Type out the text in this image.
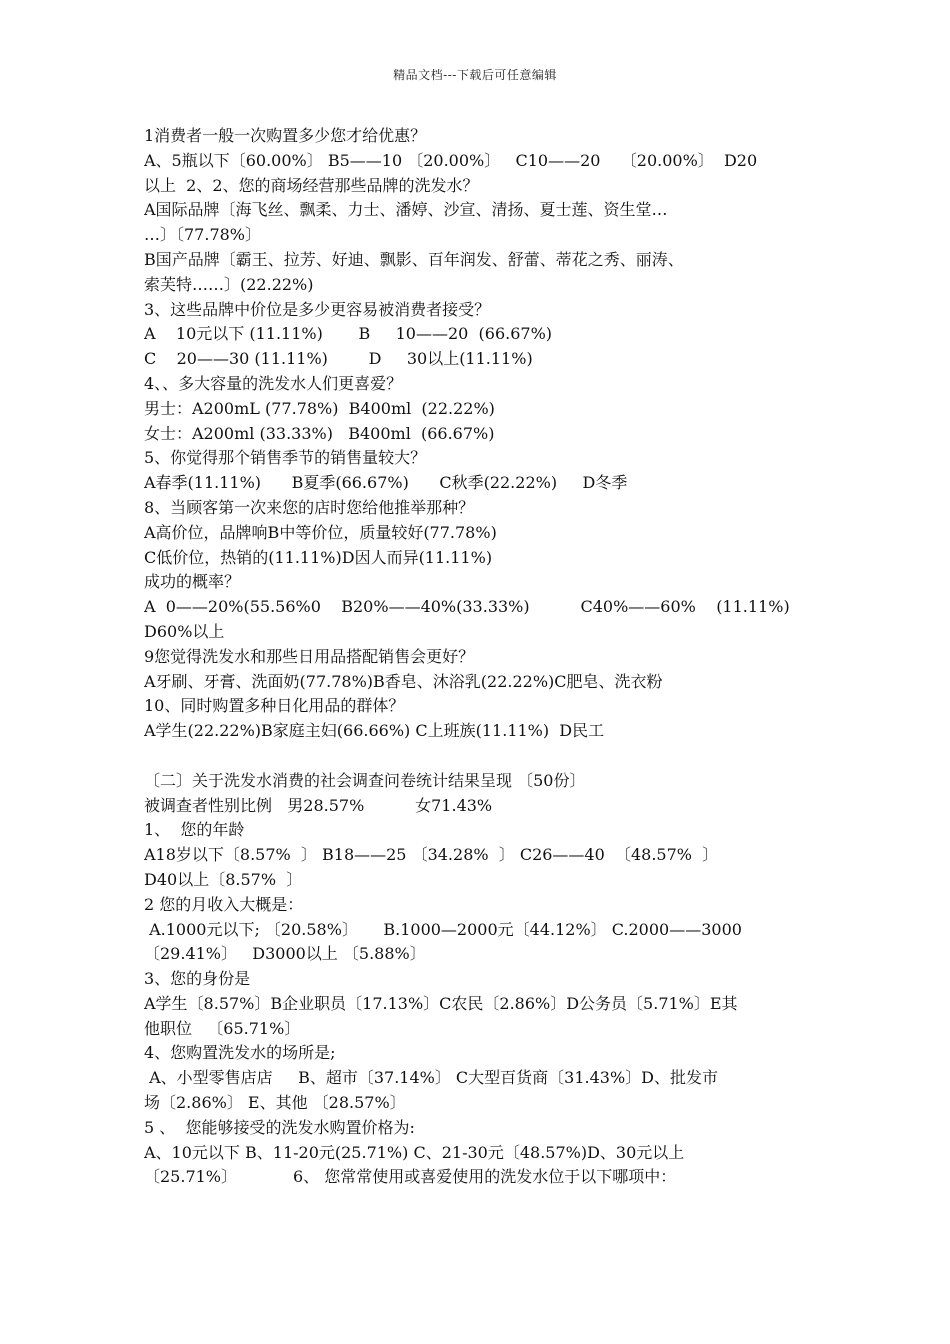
精品文档---下载后可任意编辑
1消费者一般一次购置多少您才给优惠？
A、5瓶以下〔60.00%〕 B5——10 〔20.00%〕   C10——20    〔20.00%〕  D20
以上  2、2、您的商场经营那些品牌的洗发水？
A国际品牌〔海飞丝、飘柔、力士、潘婷、沙宣、清扬、夏士莲、资生堂…
…〕〔77.78%〕
B国产品牌〔霸王、拉芳、好迪、飘影、百年润发、舒蕾、蒂花之秀、丽涛、
索芙特……〕(22.22%)
3、这些品牌中价位是多少更容易被消费者接受？
A    10元以下 (11.11%)       B     10——20  (66.67%)
C    20——30 (11.11%)        D     30以上(11.11%)
4、、多大容量的洗发水人们更喜爱？
男士：A200mL (77.78%)  B400ml  (22.22%)
女士：A200ml (33.33%)   B400ml  (66.67%)
5、你觉得那个销售季节的销售量较大？
A春季(11.11%)      B夏季(66.67%)      C秋季(22.22%)     D冬季
8、当顾客第一次来您的店时您给他推举那种？
A高价位，品牌响B中等价位，质量较好(77.78%)
C低价位，热销的(11.11%)D因人而异(11.11%)
成功的概率？
A  0——20%(55.56%0    B20%——40%(33.33%)          C40%——60%    (11.11%)
D60%以上
9您觉得洗发水和那些日用品搭配销售会更好？
A牙刷、牙膏、洗面奶(77.78%)B香皂、沐浴乳(22.22%)C肥皂、洗衣粉
10、同时购置多种日化用品的群体？
A学生(22.22%)B家庭主妇(66.66%) C上班族(11.11%)  D民工
〔二〕关于洗发水消费的社会调查问卷统计结果呈现 〔50份〕
被调查者性别比例   男28.57%          女71.43%
1、  您的年龄
A18岁以下〔8.57%  〕 B18——25 〔34.28%  〕 C26——40  〔48.57%  〕
D40以上〔8.57%  〕
2 您的月收入大概是：
A.1000元以下; 〔20.58%〕     B.1000—2000元〔44.12%〕 C.2000——3000
〔29.41%〕   D3000以上 〔5.88%〕
3、您的身份是
A学生〔8.57%〕B企业职员〔17.13%〕C农民〔2.86%〕D公务员〔5.71%〕E其
他职位   〔65.71%〕
4、您购置洗发水的场所是;
A、小型零售店店     B、超市〔37.14%〕 C大型百货商〔31.43%〕D、批发市
场〔2.86%〕 E、其他 〔28.57%〕
5 、  您能够接受的洗发水购置价格为:
A、10元以下 B、11-20元(25.71%) C、21-30元〔48.57%)D、30元以上
〔25.71%〕           6、 您常常使用或喜爱使用的洗发水位于以下哪项中：
